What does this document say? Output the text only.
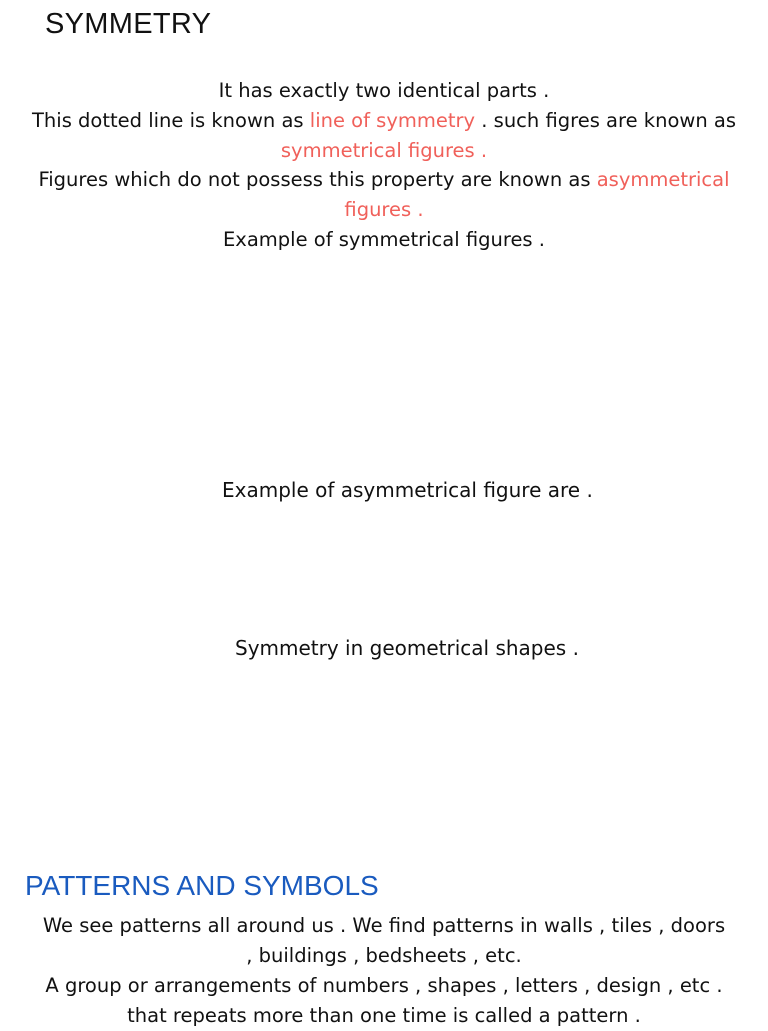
SYMMETRY
It has exactly two identical parts .
This dotted line is known as line of symmetry . such figres are known as
symmetrical figures .
Figures which do not possess this property are known as asymmetrical
figures .
Example of symmetrical figures .
Example of asymmetrical figure are .
Symmetry in geometrical shapes .
PATTERNS AND SYMBOLS
We see patterns all around us . We find patterns in walls , tiles , doors
, buildings , bedsheets , etc.
A group or arrangements of numbers , shapes , letters , design , etc .
that repeats more than one time is called a pattern .
